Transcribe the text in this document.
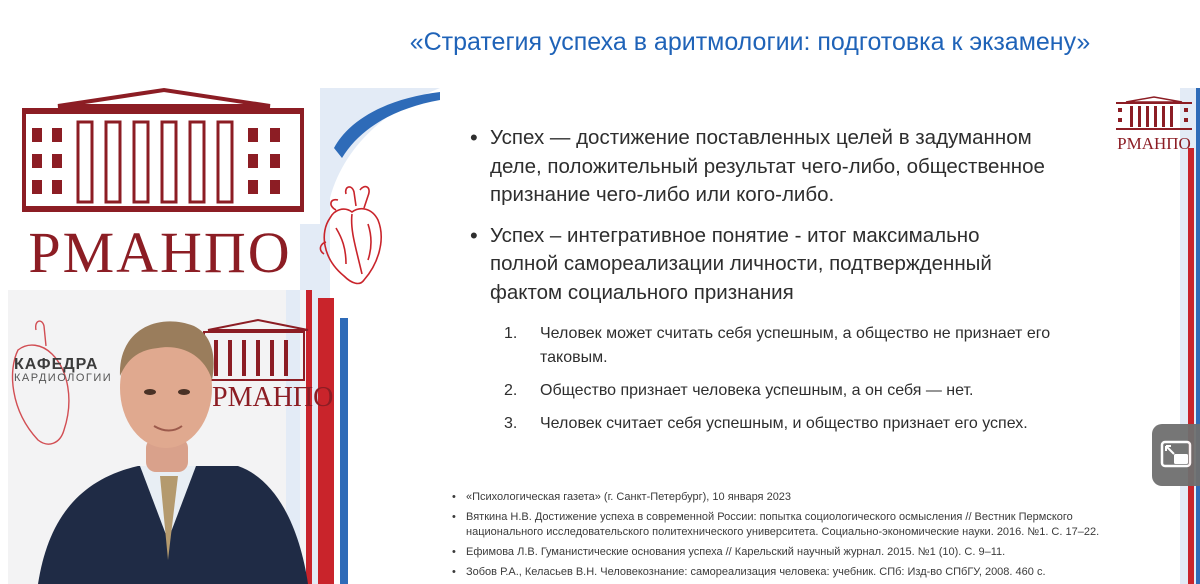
«Стратегия успеха в аритмологии: подготовка к экзамену»
РМАНПО
РМАНПО
• Успех — достижение поставленных целей в задуманном деле, положительный результат чего-либо, общественное признание чего-либо или кого-либо.
• Успех – интегративное понятие - итог максимально полной самореализации личности, подтвержденный фактом социального признания
1. Человек может считать себя успешным, а общество не признает его таковым.
2. Общество признает человека успешным, а он себя — нет.
3. Человек считает себя успешным, и общество признает его успех.
• «Психологическая газета» (г. Санкт-Петербург), 10 января 2023
• Вяткина Н.В. Достижение успеха в современной России: попытка социологического осмысления // Вестник Пермского национального исследовательского политехнического университета. Социально-экономические науки. 2016. №1. С. 17–22.
• Ефимова Л.В. Гуманистические основания успеха // Карельский научный журнал. 2015. №1 (10). С. 9–11.
• Зобов Р.А., Келасьев В.Н. Человекознание: самореализация человека: учебник. СПб: Изд-во СПбГУ, 2008. 460 с.
КАФЕДРА
КАРДИОЛОГИИ
РМАНПО
